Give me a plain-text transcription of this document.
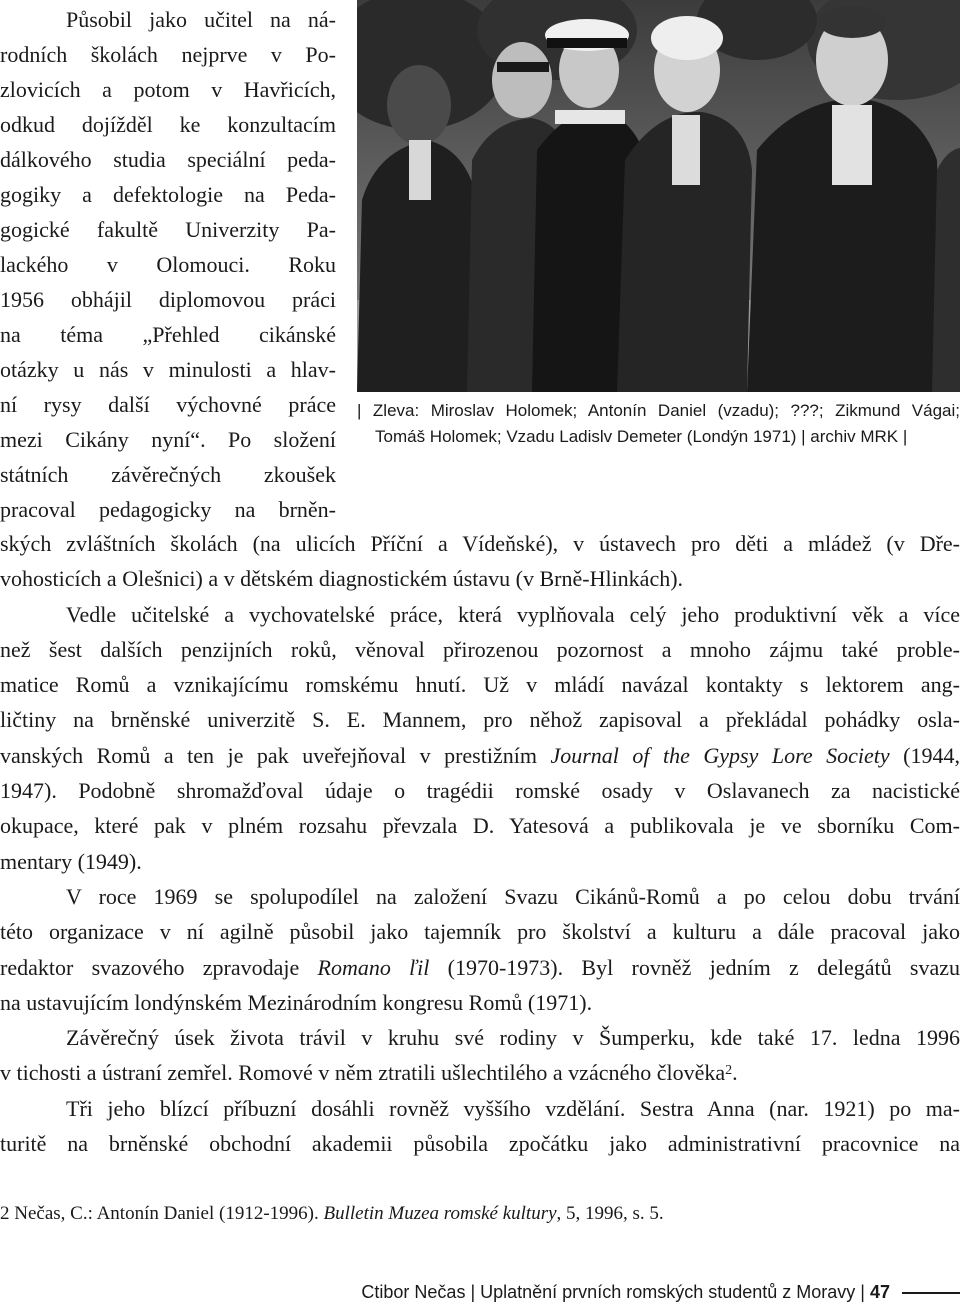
Působil jako učitel na ná-
rodních školách nejprve v Po-
zlovicích a potom v Havřicích,
odkud dojížděl ke konzultacím
dálkového studia speciální peda-
gogiky a defektologie na Peda-
gogické fakultě Univerzity Pa-
lackého v Olomouci. Roku
1956 obhájil diplomovou práci
na téma „Přehled cikánské
otázky u nás v minulosti a hlav-
ní rysy další výchovné práce
mezi Cikány nyní“. Po složení
státních závěrečných zkoušek
pracoval pedagogicky na brněn-
| Zleva: Miroslav Holomek; Antonín Daniel (vzadu); ???; Zikmund Vágai;
Tomáš Holomek; Vzadu Ladislv Demeter (Londýn 1971) | archiv MRK |
ských zvláštních školách (na ulicích Příční a Vídeňské), v ústavech pro děti a mládež (v Dře-
vohosticích a Olešnici) a v dětském diagnostickém ústavu (v Brně-Hlinkách).
Vedle učitelské a vychovatelské práce, která vyplňovala celý jeho produktivní věk a více
než šest dalších penzijních roků, věnoval přirozenou pozornost a mnoho zájmu také proble-
matice Romů a vznikajícímu romskému hnutí. Už v mládí navázal kontakty s lektorem ang-
ličtiny na brněnské univerzitě S. E. Mannem, pro něhož zapisoval a překládal pohádky osla-
vanských Romů a ten je pak uveřejňoval v prestižním Journal of the Gypsy Lore Society (1944,
1947). Podobně shromažďoval údaje o tragédii romské osady v Oslavanech za nacistické
okupace, které pak v plném rozsahu převzala D. Yatesová a publikovala je ve sborníku Com-
mentary (1949).
V roce 1969 se spolupodílel na založení Svazu Cikánů-Romů a po celou dobu trvání
této organizace v ní agilně působil jako tajemník pro školství a kulturu a dále pracoval jako
redaktor svazového zpravodaje Romano ľil (1970-1973). Byl rovněž jedním z delegátů svazu
na ustavujícím londýnském Mezinárodním kongresu Romů (1971).
Závěrečný úsek života trávil v kruhu své rodiny v Šumperku, kde také 17. ledna 1996
v tichosti a ústraní zemřel. Romové v něm ztratili ušlechtilého a vzácného člověka$^2$.
Tři jeho blízcí příbuzní dosáhli rovněž vyššího vzdělání. Sestra Anna (nar. 1921) po ma-
turitě na brněnské obchodní akademii působila zpočátku jako administrativní pracovnice na
2 Nečas, C.: Antonín Daniel (1912-1996). Bulletin Muzea romské kultury, 5, 1996, s. 5.
Ctibor Nečas | Uplatnění prvních romských studentů z Moravy | 47
